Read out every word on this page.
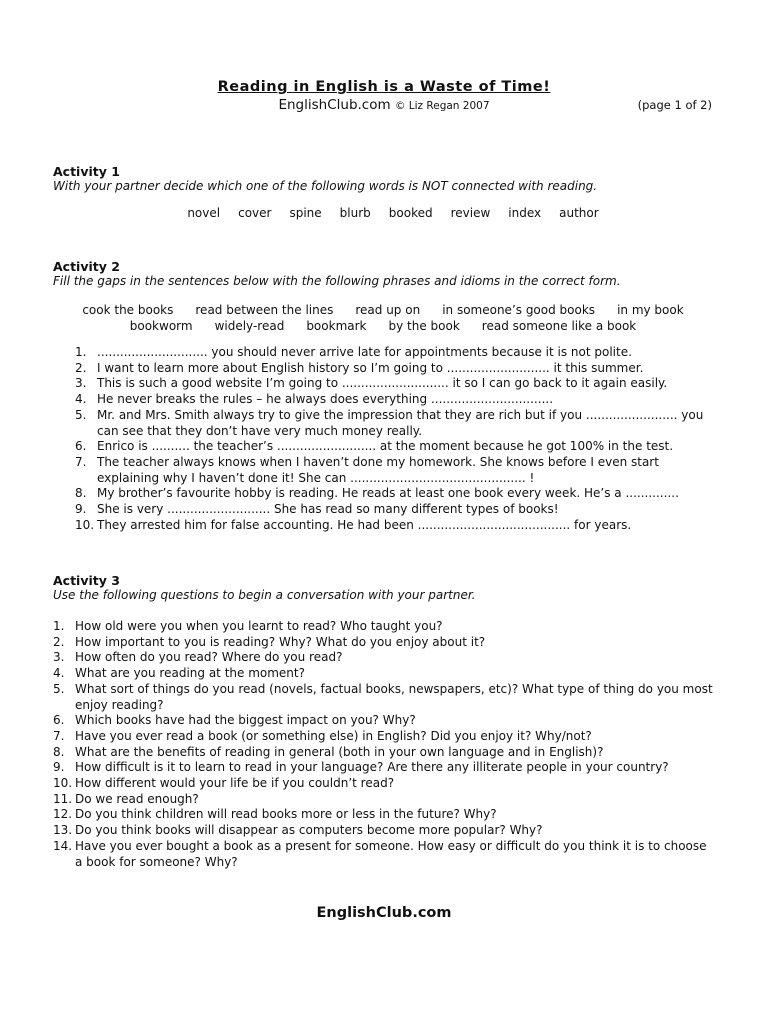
Reading in English is a Waste of Time!
EnglishClub.com © Liz Regan 2007	(page 1 of 2)
Activity 1
With your partner decide which one of the following words is NOT connected with reading.
novel cover spine blurb booked review index author
Activity 2
Fill the gaps in the sentences below with the following phrases and idioms in the correct form.
cook the books read between the lines read up on in someone’s good books in my book
bookworm widely-read bookmark by the book read someone like a book
1. ............................. you should never arrive late for appointments because it is not polite.
2. I want to learn more about English history so I’m going to ........................... it this summer.
3. This is such a good website I’m going to ............................ it so I can go back to it again easily.
4. He never breaks the rules – he always does everything ................................
5. Mr. and Mrs. Smith always try to give the impression that they are rich but if you ........................ you can see that they don’t have very much money really.
6. Enrico is .......... the teacher’s .......................... at the moment because he got 100% in the test.
7. The teacher always knows when I haven’t done my homework. She knows before I even start explaining why I haven’t done it! She can .............................................. !
8. My brother’s favourite hobby is reading. He reads at least one book every week. He’s a ..............
9. She is very ........................... She has read so many different types of books!
10. They arrested him for false accounting. He had been ........................................ for years.
Activity 3
Use the following questions to begin a conversation with your partner.
1. How old were you when you learnt to read? Who taught you?
2. How important to you is reading? Why? What do you enjoy about it?
3. How often do you read? Where do you read?
4. What are you reading at the moment?
5. What sort of things do you read (novels, factual books, newspapers, etc)? What type of thing do you most enjoy reading?
6. Which books have had the biggest impact on you? Why?
7. Have you ever read a book (or something else) in English? Did you enjoy it? Why/not?
8. What are the benefits of reading in general (both in your own language and in English)?
9. How difficult is it to learn to read in your language? Are there any illiterate people in your country?
10. How different would your life be if you couldn’t read?
11. Do we read enough?
12. Do you think children will read books more or less in the future? Why?
13. Do you think books will disappear as computers become more popular? Why?
14. Have you ever bought a book as a present for someone. How easy or difficult do you think it is to choose a book for someone? Why?
EnglishClub.com
